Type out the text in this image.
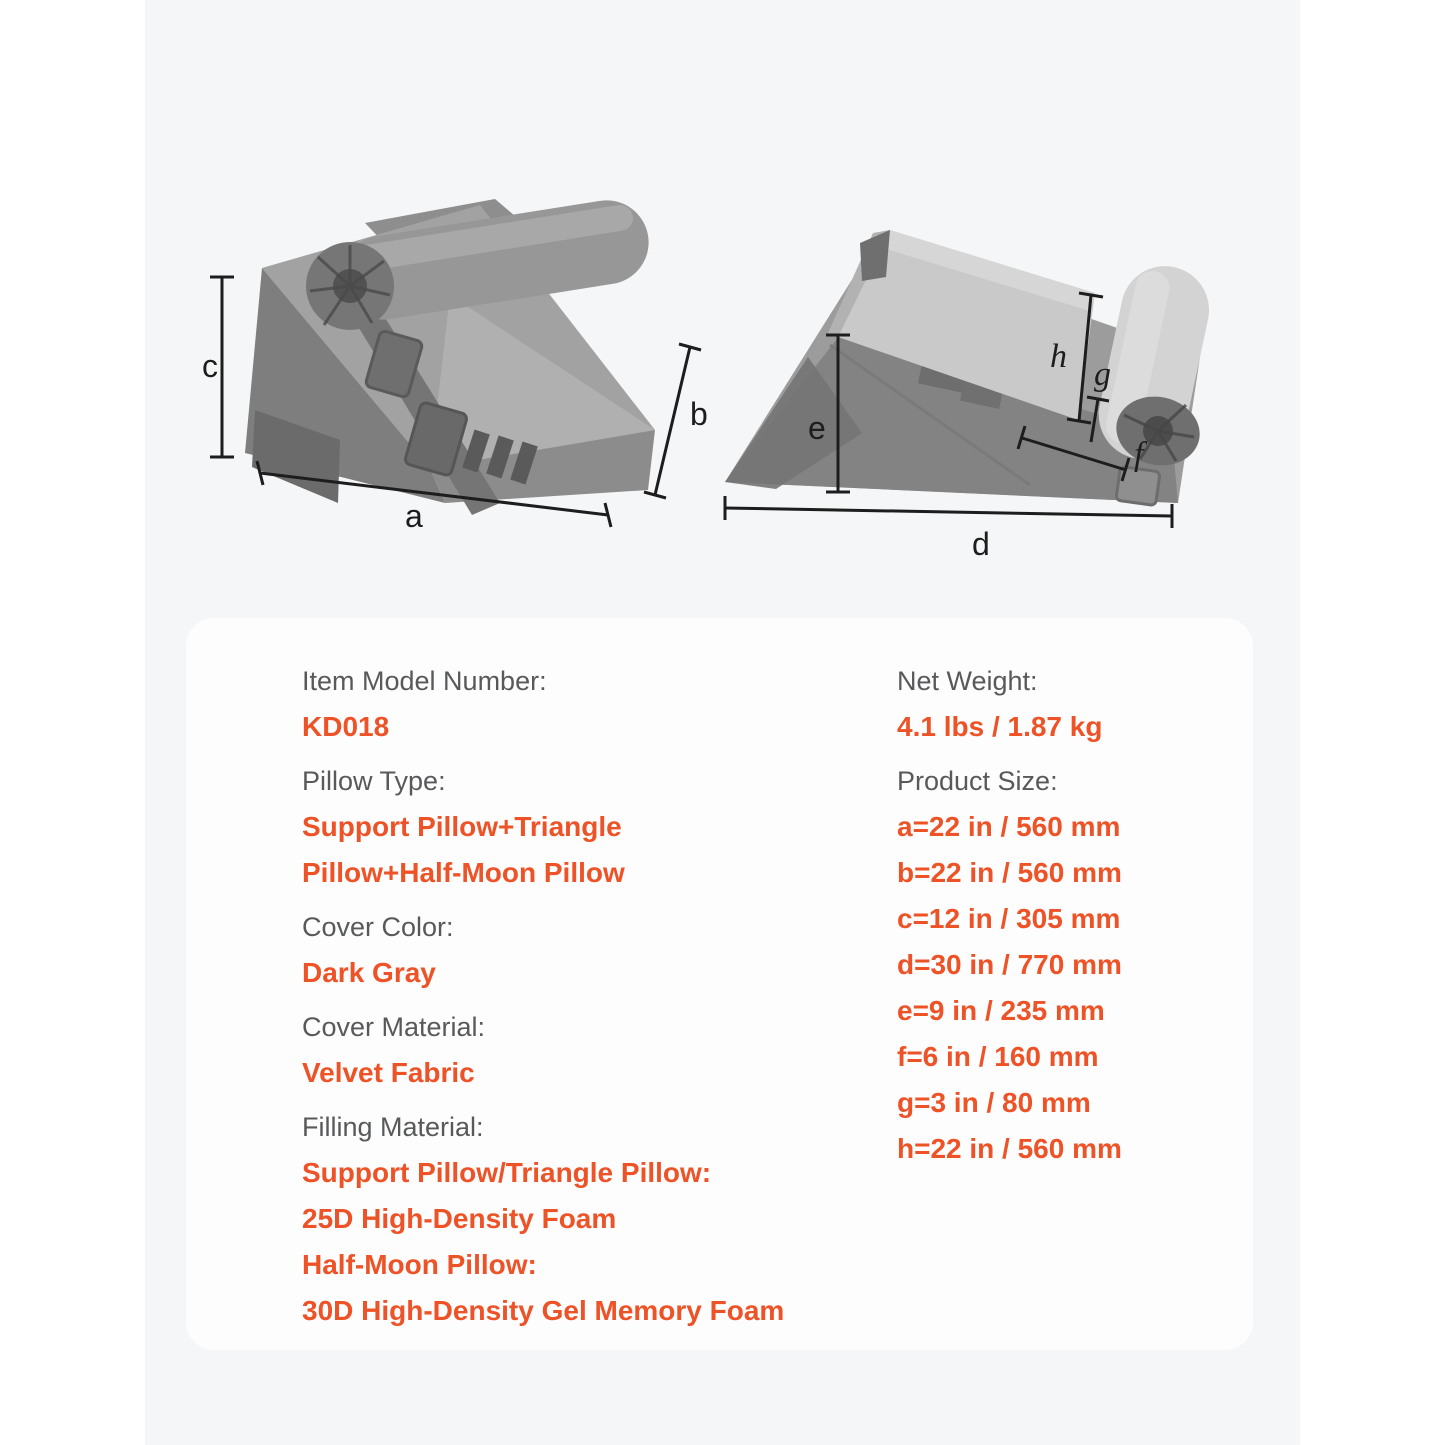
c
a
b	e
h g
f
d
Item Model Number:
KD018
Pillow Type:
Support Pillow+Triangle
Pillow+Half-Moon Pillow
Cover Color:
Dark Gray
Cover Material:
Velvet Fabric
Filling Material:
Support Pillow/Triangle Pillow:
25D High-Density Foam
Half-Moon Pillow:
30D High-Density Gel Memory Foam
Net Weight:
4.1 lbs / 1.87 kg
Product Size:
a=22 in / 560 mm
b=22 in / 560 mm
c=12 in / 305 mm
d=30 in / 770 mm
e=9 in / 235 mm
f=6 in / 160 mm
g=3 in / 80 mm
h=22 in / 560 mm
